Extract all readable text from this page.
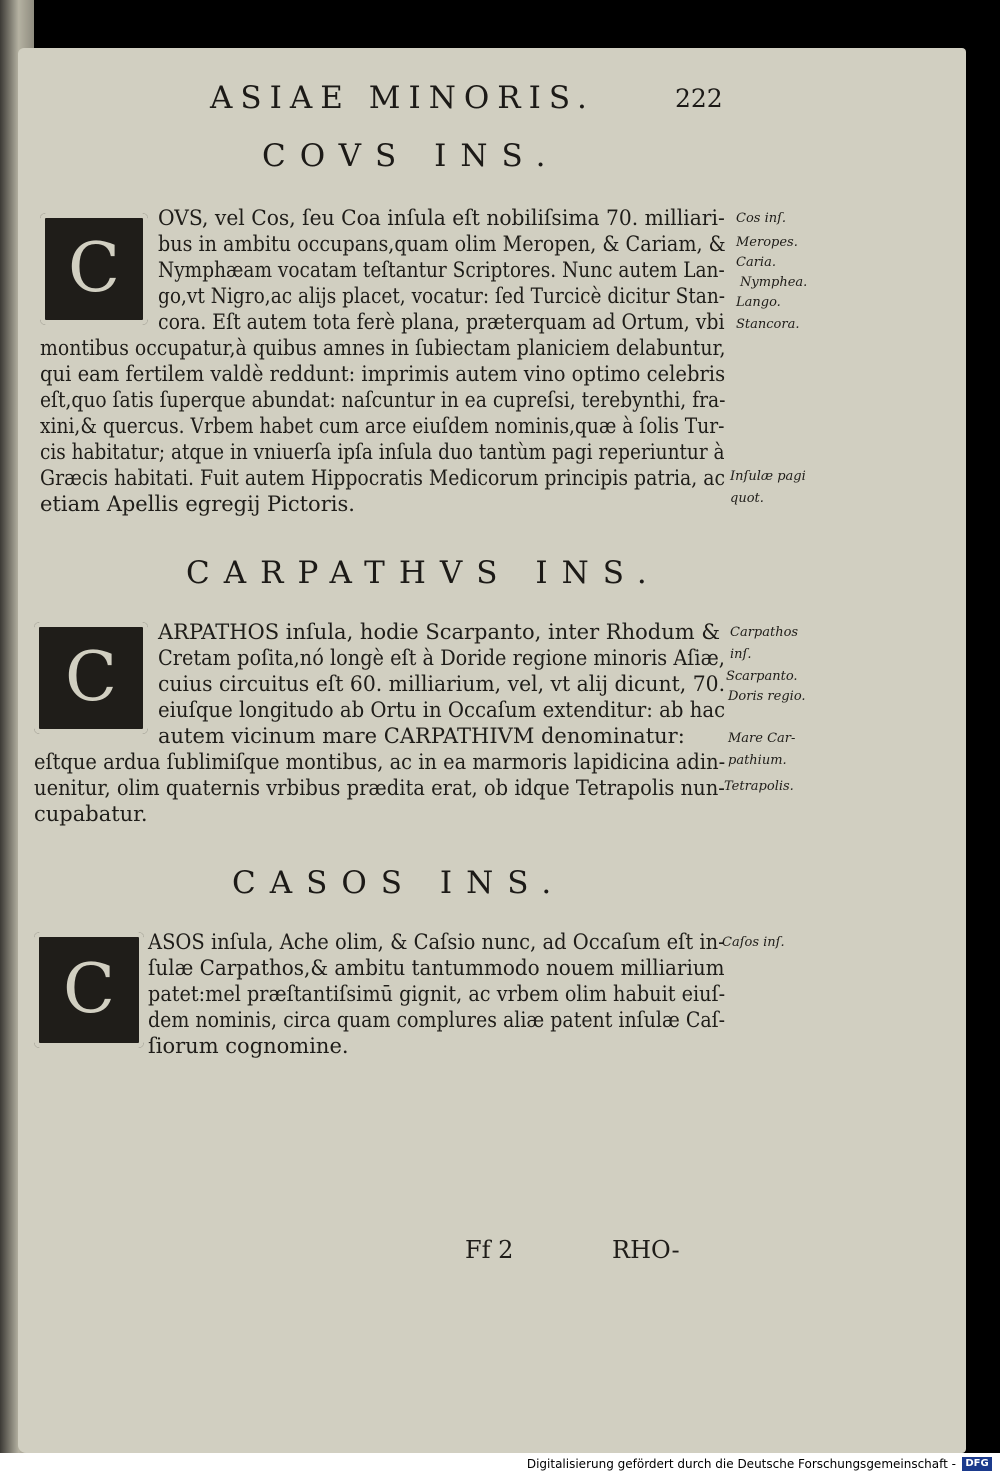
ASIAE MINORIS.	222
COVS INS.
C
OVS, vel Cos, ſeu Coa inſula eſt nobiliſsima 70. milliari-
bus in ambitu occupans,quam olim Meropen, & Cariam, &
Nymphæam vocatam teſtantur Scriptores. Nunc autem Lan-
go,vt Nigro,ac alijs placet, vocatur: ſed Turcicè dicitur Stan-
cora. Eſt autem tota ferè plana, præterquam ad Ortum, vbi
montibus occupatur,à quibus amnes in ſubiectam planiciem delabuntur,
qui eam fertilem valdè reddunt: imprimis autem vino optimo celebris
eſt,quo ſatis ſuperque abundat: naſcuntur in ea cupreſsi, terebynthi, fra-
xini,& quercus. Vrbem habet cum arce eiuſdem nominis,quæ à ſolis Tur-
cis habitatur; atque in vniuerſa ipſa inſula duo tantùm pagi reperiuntur à
Græcis habitati. Fuit autem Hippocratis Medicorum principis patria, ac
etiam Apellis egregij Pictoris.
Cos inſ.
Meropes.
Caria.
Nymphea.
Lango.
Stancora.
Inſulæ pagi
quot.
CARPATHVS INS.
C
ARPATHOS inſula, hodie Scarpanto, inter Rhodum &
Cretam poſita,nó longè eſt à Doride regione minoris Aſiæ,
cuius circuitus eſt 60. milliarium, vel, vt alij dicunt, 70.
eiuſque longitudo ab Ortu in Occaſum extenditur: ab hac
autem vicinum mare CARPATHIVM denominatur:
eſtque ardua ſublimiſque montibus, ac in ea marmoris lapidicina adin-
uenitur, olim quaternis vrbibus prædita erat, ob idque Tetrapolis nun-
cupabatur.
Carpathos
inſ.
Scarpanto.
Doris regio.
Mare Car-
pathium.
Tetrapolis.
CASOS INS.
C
ASOS inſula, Ache olim, & Caſsio nunc, ad Occaſum eſt in-
ſulæ Carpathos,& ambitu tantummodo nouem milliarium
patet:mel præſtantiſsimū gignit, ac vrbem olim habuit eiuſ-
dem nominis, circa quam complures aliæ patent inſulæ Caſ-
ſiorum cognomine.
Caſos inſ.
Ff 2	RHO-
Digitalisierung gefördert durch die Deutsche Forschungsgemeinschaft - DFG
